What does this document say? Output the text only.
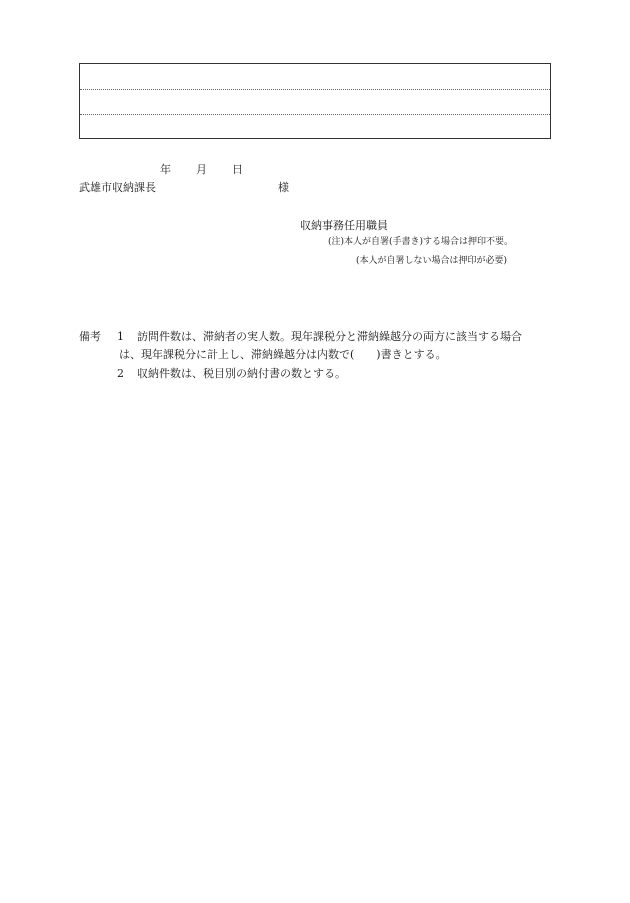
年 月 日
武雄市収納課長	様
収納事務任用職員
(注)本人が自署(手書き)する場合は押印不要。
(本人が自署しない場合は押印が必要)
備考 1 訪問件数は、滞納者の実人数。現年課税分と滞納繰越分の両方に該当する場合
は、現年課税分に計上し、滞納繰越分は内数で(　　)書きとする。
2 収納件数は、税目別の納付書の数とする。
